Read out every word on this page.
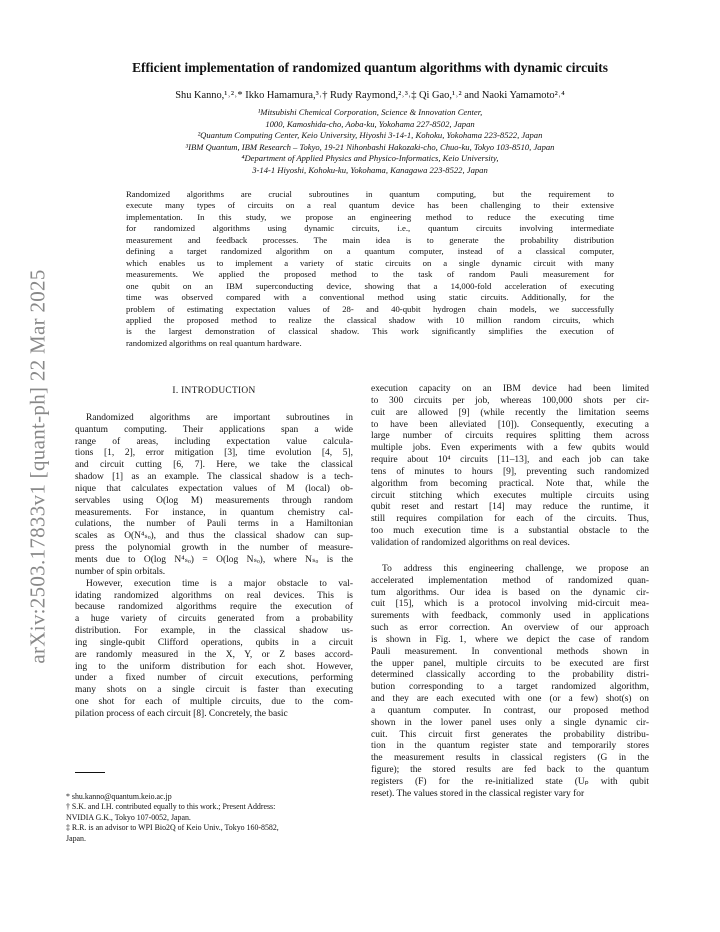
arXiv:2503.17833v1 [quant-ph] 22 Mar 2025
Efficient implementation of randomized quantum algorithms with dynamic circuits
Shu Kanno,¹˒²˒* Ikko Hamamura,³˒† Rudy Raymond,²˒³˒‡ Qi Gao,¹˒² and Naoki Yamamoto²˒⁴
¹Mitsubishi Chemical Corporation, Science & Innovation Center,
1000, Kamoshida-cho, Aoba-ku, Yokohama 227-8502, Japan
²Quantum Computing Center, Keio University, Hiyoshi 3-14-1, Kohoku, Yokohama 223-8522, Japan
³IBM Quantum, IBM Research – Tokyo, 19-21 Nihonbashi Hakozaki-cho, Chuo-ku, Tokyo 103-8510, Japan
⁴Department of Applied Physics and Physico-Informatics, Keio University,
3-14-1 Hiyoshi, Kohoku-ku, Yokohama, Kanagawa 223-8522, Japan
Randomized algorithms are crucial subroutines in quantum computing, but the requirement to
execute many types of circuits on a real quantum device has been challenging to their extensive
implementation. In this study, we propose an engineering method to reduce the executing time
for randomized algorithms using dynamic circuits, i.e., quantum circuits involving intermediate
measurement and feedback processes. The main idea is to generate the probability distribution
defining a target randomized algorithm on a quantum computer, instead of a classical computer,
which enables us to implement a variety of static circuits on a single dynamic circuit with many
measurements. We applied the proposed method to the task of random Pauli measurement for
one qubit on an IBM superconducting device, showing that a 14,000-fold acceleration of executing
time was observed compared with a conventional method using static circuits. Additionally, for the
problem of estimating expectation values of 28- and 40-qubit hydrogen chain models, we successfully
applied the proposed method to realize the classical shadow with 10 million random circuits, which
is the largest demonstration of classical shadow. This work significantly simplifies the execution of
randomized algorithms on real quantum hardware.
I. INTRODUCTION
Randomized algorithms are important subroutines in
quantum computing. Their applications span a wide
range of areas, including expectation value calcula-
tions [1, 2], error mitigation [3], time evolution [4, 5],
and circuit cutting [6, 7]. Here, we take the classical
shadow [1] as an example. The classical shadow is a tech-
nique that calculates expectation values of M (local) ob-
servables using O(log M) measurements through random
measurements. For instance, in quantum chemistry cal-
culations, the number of Pauli terms in a Hamiltonian
scales as O(N⁴ₛₒ), and thus the classical shadow can sup-
press the polynomial growth in the number of measure-
ments due to O(log N⁴ₛₒ) = O(log Nₛₒ), where Nₛₒ is the
number of spin orbitals.
However, execution time is a major obstacle to val-
idating randomized algorithms on real devices. This is
because randomized algorithms require the execution of
a huge variety of circuits generated from a probability
distribution. For example, in the classical shadow us-
ing single-qubit Clifford operations, qubits in a circuit
are randomly measured in the X, Y, or Z bases accord-
ing to the uniform distribution for each shot. However,
under a fixed number of circuit executions, performing
many shots on a single circuit is faster than executing
one shot for each of multiple circuits, due to the com-
pilation process of each circuit [8]. Concretely, the basic
* shu.kanno@quantum.keio.ac.jp
† S.K. and I.H. contributed equally to this work.; Present Address:
NVIDIA G.K., Tokyo 107-0052, Japan.
‡ R.R. is an advisor to WPI Bio2Q of Keio Univ., Tokyo 160-8582,
Japan.
execution capacity on an IBM device had been limited
to 300 circuits per job, whereas 100,000 shots per cir-
cuit are allowed [9] (while recently the limitation seems
to have been alleviated [10]). Consequently, executing a
large number of circuits requires splitting them across
multiple jobs. Even experiments with a few qubits would
require about 10⁴ circuits [11–13], and each job can take
tens of minutes to hours [9], preventing such randomized
algorithm from becoming practical. Note that, while the
circuit stitching which executes multiple circuits using
qubit reset and restart [14] may reduce the runtime, it
still requires compilation for each of the circuits. Thus,
too much execution time is a substantial obstacle to the
validation of randomized algorithms on real devices.
To address this engineering challenge, we propose an
accelerated implementation method of randomized quan-
tum algorithms. Our idea is based on the dynamic cir-
cuit [15], which is a protocol involving mid-circuit mea-
surements with feedback, commonly used in applications
such as error correction. An overview of our approach
is shown in Fig. 1, where we depict the case of random
Pauli measurement. In conventional methods shown in
the upper panel, multiple circuits to be executed are first
determined classically according to the probability distri-
bution corresponding to a target randomized algorithm,
and they are each executed with one (or a few) shot(s) on
a quantum computer. In contrast, our proposed method
shown in the lower panel uses only a single dynamic cir-
cuit. This circuit first generates the probability distribu-
tion in the quantum register state and temporarily stores
the measurement results in classical registers (G in the
figure); the stored results are fed back to the quantum
registers (F) for the re-initialized state (Uₚ with qubit
reset). The values stored in the classical register vary for
